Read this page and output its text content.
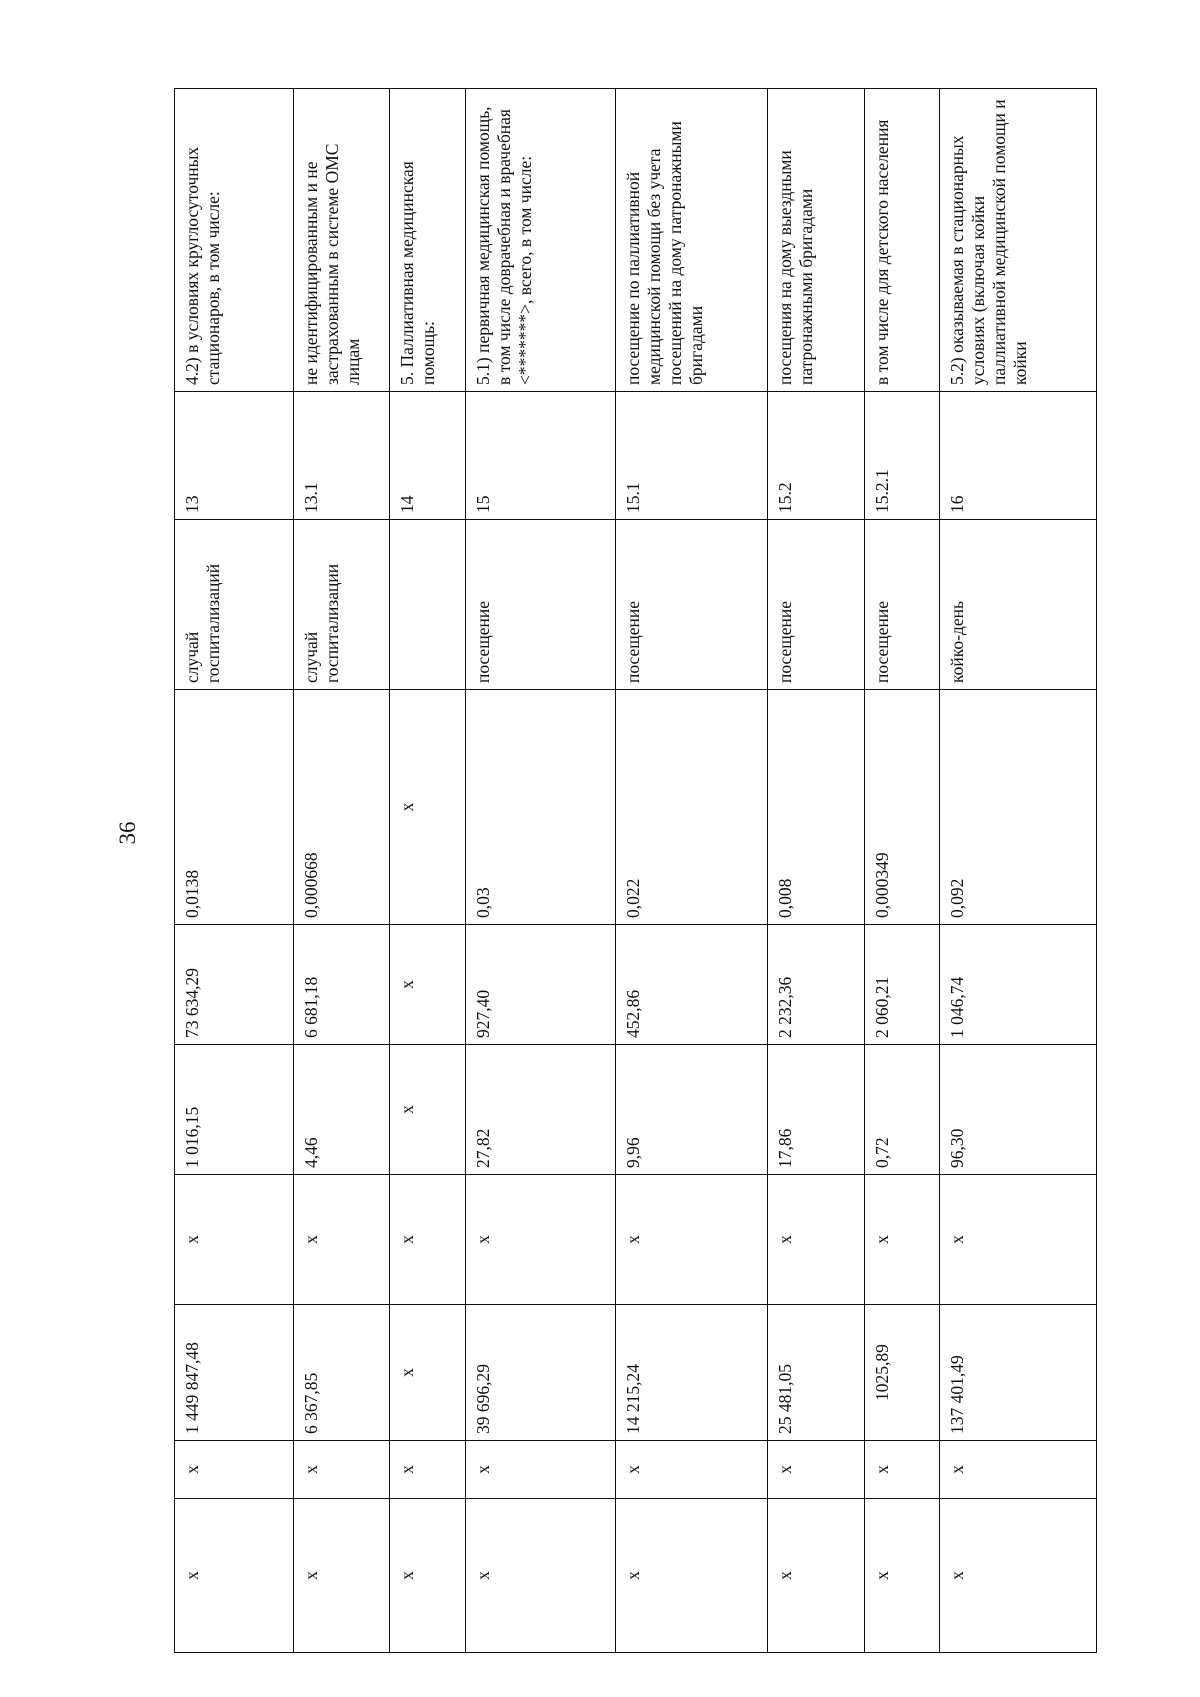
36
х	х	1 449 847,48	х	1 016,15	73 634,29	0,0138	случай госпитализаций	13	4.2) в условиях круглосуточных стационаров, в том числе:
х	х	6 367,85	х	4,46	6 681,18	0,000668	случай госпитализации	13.1	не идентифицированным и не застрахованным в системе ОМС лицам
х	х	х	х	х	х	х		14	5. Паллиативная медицинская помощь:
х	х	39 696,29	х	27,82	927,40	0,03	посещение	15	5.1) первичная медицинская помощь, в том числе доврачебная и врачебная <*******>, всего, в том числе:
х	х	14 215,24	х	9,96	452,86	0,022	посещение	15.1	посещение по паллиативной медицинской помощи без учета посещений на дому патронажными бригадами
х	х	25 481,05	х	17,86	2 232,36	0,008	посещение	15.2	посещения на дому выездными патронажными бригадами
х	х	1025,89	х	0,72	2 060,21	0,000349	посещение	15.2.1	в том числе для детского населения
х	х	137 401,49	х	96,30	1 046,74	0,092	койко-день	16	5.2) оказываемая в стационарных условиях (включая койки паллиативной медицинской помощи и койки
